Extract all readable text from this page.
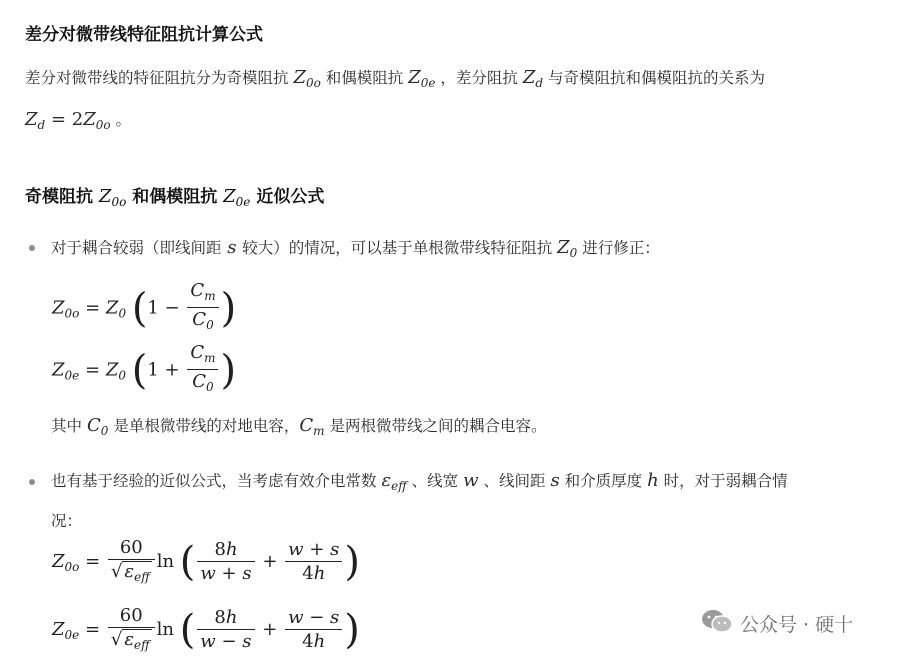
差分对微带线特征阻抗计算公式
差分对微带线的特征阻抗分为奇模阻抗 $Z_{0o}$ 和偶模阻抗 $Z_{0e}$ ，差分阻抗 $Z_d$ 与奇模阻抗和偶模阻抗的关系为
$Z_d = 2Z_{0o}$ 。
奇模阻抗 $Z_{0o}$ 和偶模阻抗 $Z_{0e}$ 近似公式
对于耦合较弱（即线间距 s 较大）的情况，可以基于单根微带线特征阻抗 $Z_0$ 进行修正：
$Z_{0o} = Z_0$ ($1 - \frac{C_m}{C_0}$ )
$Z_{0e} = Z_0$ ($1 + \frac{C_m}{C_0}$ )
其中 $C_0$ 是单根微带线的对地电容，$C_m$ 是两根微带线之间的耦合电容。
也有基于经验的近似公式，当考虑有效介电常数 $\varepsilon_{eff}$ 、线宽 w 、线间距 s 和介质厚度 h 时，对于弱耦合情
况：
$Z_{0o} = \frac{60}{√ \varepsilon_{eff}}$ ln ( $\frac{8h}{w + s} + \frac{w + s}{4h}$ )
$Z_{0e} = \frac{60}{√ \varepsilon_{eff}}$ ln ( $\frac{8h}{w - s} + \frac{w - s}{4h}$ )	公众号 · 硬十
